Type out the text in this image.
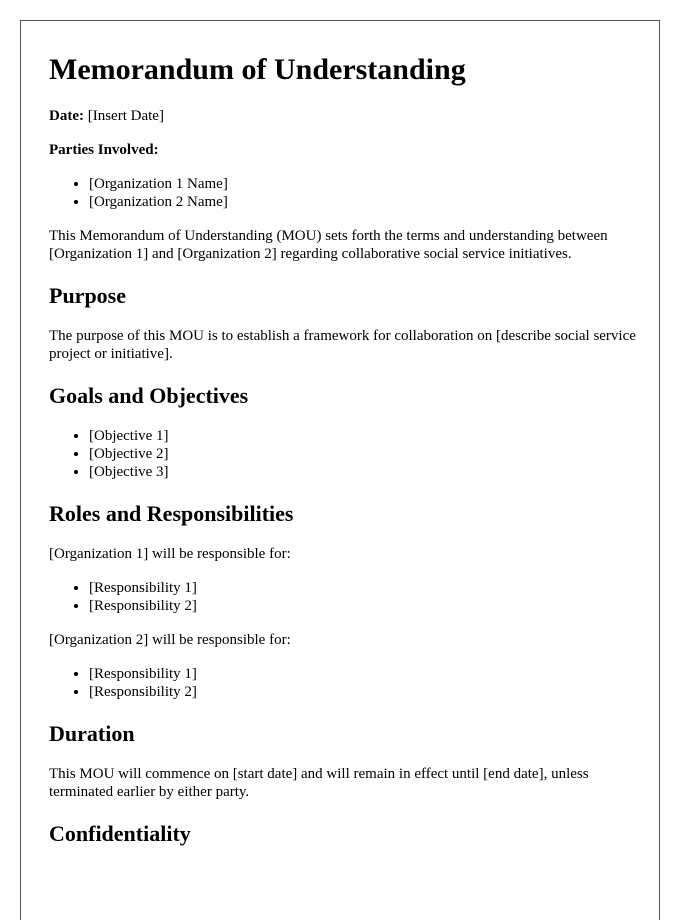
Memorandum of Understanding

Date: [Insert Date]

Parties Involved:

• [Organization 1 Name]
• [Organization 2 Name]

This Memorandum of Understanding (MOU) sets forth the terms and understanding between [Organization 1] and [Organization 2] regarding collaborative social service initiatives.

Purpose

The purpose of this MOU is to establish a framework for collaboration on [describe social service project or initiative].

Goals and Objectives
• [Objective 1]
• [Objective 2]
• [Objective 3]
Roles and Responsibilities

[Organization 1] will be responsible for:

• [Responsibility 1]
• [Responsibility 2]

[Organization 2] will be responsible for:

• [Responsibility 1]
• [Responsibility 2]
Duration

This MOU will commence on [start date] and will remain in effect until [end date], unless terminated earlier by either party.

Confidentiality
